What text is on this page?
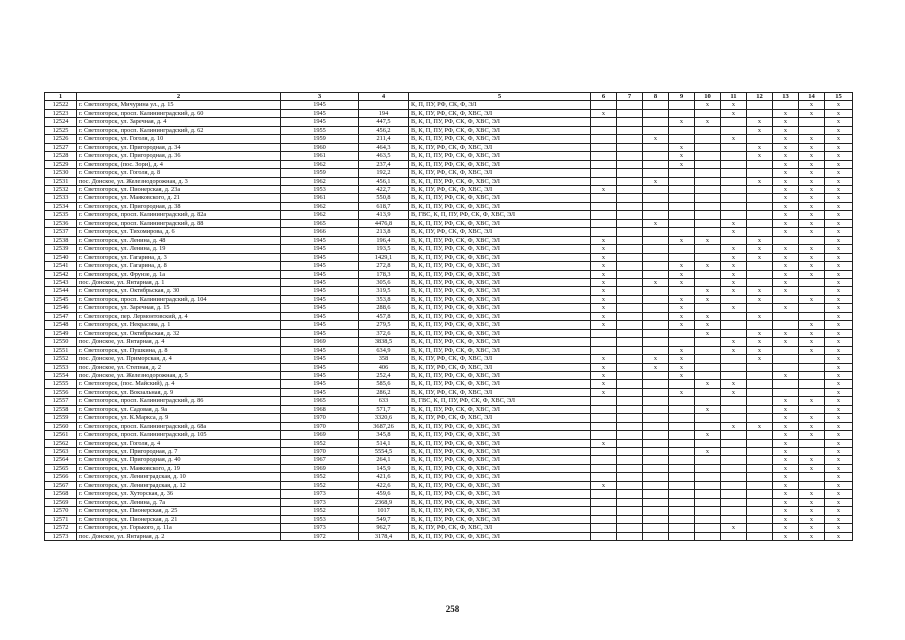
1	2	3	4	5	6	7	8	9	10	11	12	13	14	15
12522	г. Светлогорск, Мичурина ул., д. 15	1945		К, П, ПУ, РФ, СК, Ф, ЭЛ					x	x			x	x
12523	г. Светлогорск, просп. Калининградский, д. 60	1945	194	В, К, ПУ, РФ, СК, Ф, ХВС, ЭЛ	x					x		x	x	x
12524	г. Светлогорск, ул. Заречная, д. 4	1945	447,5	В, К, П, ПУ, РФ, СК, Ф, ХВС, ЭЛ				x	x		x	x		x
12525	г. Светлогорск, просп. Калининградский, д. 62	1955	456,2	В, К, П, ПУ, РФ, СК, Ф, ХВС, ЭЛ							x	x		x
12526	г. Светлогорск, ул. Гоголя, д. 10	1959	211,4	В, К, П, ПУ, РФ, СК, Ф, ХВС, ЭЛ			x			x		x	x	x
12527	г. Светлогорск, ул. Пригородная, д. 34	1960	464,3	В, К, ПУ, РФ, СК, Ф, ХВС, ЭЛ				x			x	x	x	x
12528	г. Светлогорск, ул. Пригородная, д. 36	1961	463,5	В, К, П, ПУ, РФ, СК, Ф, ХВС, ЭЛ				x			x	x	x	x
12529	г. Светлогорск, (пос. Зори), д. 4	1962	237,4	В, К, П, ПУ, РФ, СК, Ф, ХВС, ЭЛ				x				x	x	x
12530	г. Светлогорск, ул. Гоголя, д. 8	1959	192,2	В, К, ПУ, РФ, СК, Ф, ХВС, ЭЛ								x	x	x
12531	пос. Донское, ул. Железнодорожная, д. 3	1962	456,1	В, К, П, ПУ, РФ, СК, Ф, ХВС, ЭЛ			x				x	x	x	x
12532	г. Светлогорск, ул. Пионерская, д. 23а	1953	422,7	В, К, ПУ, РФ, СК, Ф, ХВС, ЭЛ	x							x	x	x
12533	г. Светлогорск, ул. Маяковского, д. 21	1961	550,8	В, К, П, ПУ, РФ, СК, Ф, ХВС, ЭЛ								x	x	x
12534	г. Светлогорск, ул. Пригородная, д. 38	1962	618,7	В, К, П, ПУ, РФ, СК, Ф, ХВС, ЭЛ								x	x	x
12535	г. Светлогорск, просп. Калининградский, д. 82а	1962	413,9	В, ГВС, К, П, ПУ, РФ, СК, Ф, ХВС, ЭЛ								x	x	x
12536	г. Светлогорск, просп. Калининградский, д. 88	1965	4476,8	В, К, П, ПУ, РФ, СК, Ф, ХВС, ЭЛ			x			x		x	x	x
12537	г. Светлогорск, ул. Тихомирова, д. 6	1966	213,8	В, К, ПУ, РФ, СК, Ф, ХВС, ЭЛ						x		x	x	x
12538	г. Светлогорск, ул. Ленина, д. 48	1945	196,4	В, К, П, ПУ, РФ, СК, Ф, ХВС, ЭЛ	x			x	x		x			x
12539	г. Светлогорск, ул. Ленина, д. 19	1945	193,5	В, К, П, ПУ, РФ, СК, Ф, ХВС, ЭЛ	x					x	x	x	x	x
12540	г. Светлогорск, ул. Гагарина, д. 3	1945	1429,1	В, К, П, ПУ, РФ, СК, Ф, ХВС, ЭЛ	x					x	x	x	x	x
12541	г. Светлогорск, ул. Гагарина, д. 8	1945	272,8	В, К, П, ПУ, РФ, СК, Ф, ХВС, ЭЛ	x			x	x	x		x	x	x
12542	г. Светлогорск, ул. Фрунзе, д. 1а	1945	178,3	В, К, П, ПУ, РФ, СК, Ф, ХВС, ЭЛ	x			x		x		x	x	x
12543	пос. Донское, ул. Янтарная, д. 1	1945	305,6	В, К, П, ПУ, РФ, СК, Ф, ХВС, ЭЛ	x		x	x		x		x		x
12544	г. Светлогорск, ул. Октябрьская, д. 30	1945	319,5	В, К, П, ПУ, РФ, СК, Ф, ХВС, ЭЛ	x				x	x	x	x		x
12545	г. Светлогорск, просп. Калининградский, д. 104	1945	353,8	В, К, П, ПУ, РФ, СК, Ф, ХВС, ЭЛ	x			x	x		x		x	x
12546	г. Светлогорск, ул. Заречная, д. 15	1945	288,6	В, К, П, ПУ, РФ, СК, Ф, ХВС, ЭЛ	x			x		x		x		x
12547	г. Светлогорск, пер. Лермонтовский, д. 4	1945	457,8	В, К, П, ПУ, РФ, СК, Ф, ХВС, ЭЛ	x			x	x		x			x
12548	г. Светлогорск, ул. Некрасова, д. 1	1945	279,5	В, К, П, ПУ, РФ, СК, Ф, ХВС, ЭЛ	x			x	x				x	x
12549	г. Светлогорск, ул. Октябрьская, д. 32	1945	372,6	В, К, П, ПУ, РФ, СК, Ф, ХВС, ЭЛ					x		x	x	x	x
12550	пос. Донское, ул. Янтарная, д. 4	1969	3838,5	В, К, П, ПУ, РФ, СК, Ф, ХВС, ЭЛ						x	x	x	x	x
12551	г. Светлогорск, ул. Пушкина, д. 8	1945	634,9	В, К, П, ПУ, РФ, СК, Ф, ХВС, ЭЛ				x		x	x		x	x
12552	пос. Донское, ул. Приморская, д. 4	1945	358	В, К, ПУ, РФ, СК, Ф, ХВС, ЭЛ	x		x	x			x			x
12553	пос. Донское, ул. Степная, д. 2	1945	406	В, К, ПУ, РФ, СК, Ф, ХВС, ЭЛ	x		x	x						x
12554	пос. Донское, ул. Железнодорожная, д. 5	1945	252,4	В, К, П, ПУ, РФ, СК, Ф, ХВС, ЭЛ	x			x				x		x
12555	г. Светлогорск, (пос. Майский), д. 4	1945	585,6	В, К, П, ПУ, РФ, СК, Ф, ХВС, ЭЛ	x				x	x				x
12556	г. Светлогорск, ул. Вокзальная, д. 9	1945	286,2	В, К, ПУ, РФ, СК, Ф, ХВС, ЭЛ	x			x		x				x
12557	г. Светлогорск, просп. Калининградский, д. 86	1965	633	В, ГВС, К, П, ПУ, РФ, СК, Ф, ХВС, ЭЛ								x	x	x
12558	г. Светлогорск, ул. Садовая, д. 9а	1968	571,7	В, К, П, ПУ, РФ, СК, Ф, ХВС, ЭЛ					x			x		x
12559	г. Светлогорск, ул. К.Маркса, д. 9	1970	3320,6	В, К, ПУ, РФ, СК, Ф, ХВС, ЭЛ								x	x	x
12560	г. Светлогорск, просп. Калининградский, д. 68а	1970	3687,26	В, К, П, ПУ, РФ, СК, Ф, ХВС, ЭЛ						x	x	x	x	x
12561	г. Светлогорск, просп. Калининградский, д. 105	1969	345,8	В, К, П, ПУ, РФ, СК, Ф, ХВС, ЭЛ					x			x	x	x
12562	г. Светлогорск, ул. Гоголя, д. 4	1952	514,1	В, К, П, ПУ, РФ, СК, Ф, ХВС, ЭЛ	x							x		x
12563	г. Светлогорск, ул. Пригородная, д. 7	1970	5554,5	В, К, П, ПУ, РФ, СК, Ф, ХВС, ЭЛ					x			x		x
12564	г. Светлогорск, ул. Пригородная, д. 40	1967	264,1	В, К, П, ПУ, РФ, СК, Ф, ХВС, ЭЛ								x	x	x
12565	г. Светлогорск, ул. Маяковского, д. 19	1969	145,9	В, К, П, ПУ, РФ, СК, Ф, ХВС, ЭЛ								x	x	x
12566	г. Светлогорск, ул. Ленинградская, д. 10	1952	421,6	В, К, П, ПУ, РФ, СК, Ф, ХВС, ЭЛ								x		x
12567	г. Светлогорск, ул. Ленинградская, д. 12	1952	422,6	В, К, П, ПУ, РФ, СК, Ф, ХВС, ЭЛ	x							x		x
12568	г. Светлогорск, ул. Хуторская, д. 36	1973	459,6	В, К, П, ПУ, РФ, СК, Ф, ХВС, ЭЛ								x	x	x
12569	г. Светлогорск, ул. Ленина, д. 7а	1973	2368,9	В, К, П, ПУ, РФ, СК, Ф, ХВС, ЭЛ								x	x	x
12570	г. Светлогорск, ул. Пионерская, д. 25	1952	1017	В, К, П, ПУ, РФ, СК, Ф, ХВС, ЭЛ								x	x	x
12571	г. Светлогорск, ул. Пионерская, д. 21	1953	549,7	В, К, П, ПУ, РФ, СК, Ф, ХВС, ЭЛ								x	x	x
12572	г. Светлогорск, ул. Горького, д. 11а	1973	962,7	В, К, ПУ, РФ, СК, Ф, ХВС, ЭЛ						x		x	x	x
12573	пос. Донское, ул. Янтарная, д. 2	1972	3178,4	В, К, П, ПУ, РФ, СК, Ф, ХВС, ЭЛ								x	x	x
258
